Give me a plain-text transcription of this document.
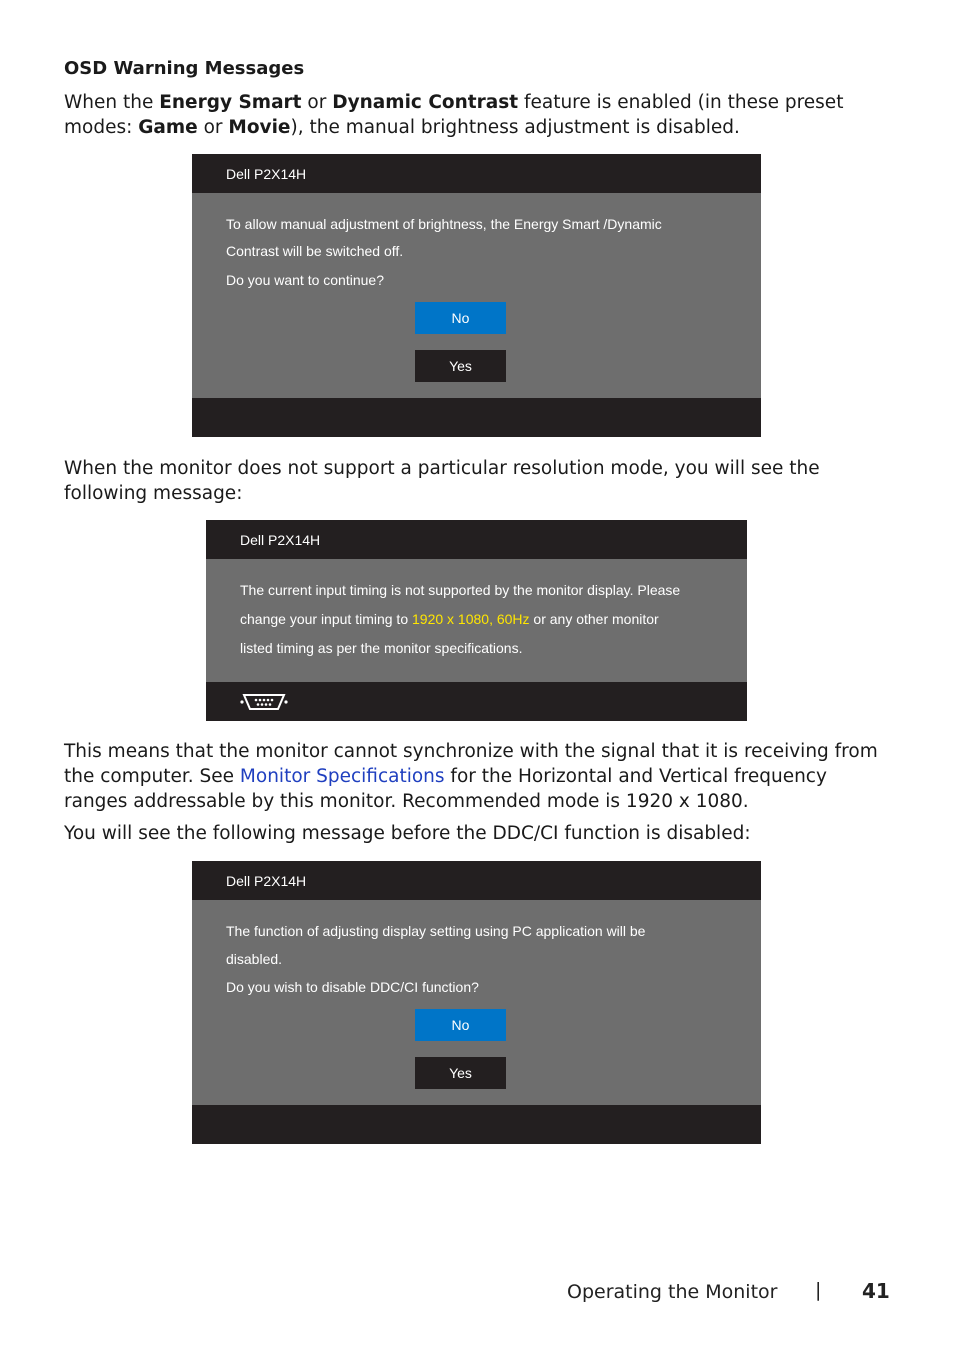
OSD Warning Messages
When the Energy Smart or Dynamic Contrast feature is enabled (in these preset modes: Game or Movie), the manual brightness adjustment is disabled.
Dell P2X14H
To allow manual adjustment of brightness, the Energy Smart /Dynamic
Contrast will be switched off.
Do you want to continue?
No
Yes
When the monitor does not support a particular resolution mode, you will see the following message:
Dell P2X14H
The current input timing is not supported by the monitor display. Please
change your input timing to 1920 x 1080, 60Hz or any other monitor
listed timing as per the monitor specifications.
This means that the monitor cannot synchronize with the signal that it is receiving from the computer. See Monitor Specifications for the Horizontal and Vertical frequency ranges addressable by this monitor. Recommended mode is 1920 x 1080.
You will see the following message before the DDC/CI function is disabled:
Dell P2X14H
The function of adjusting display setting using PC application will be
disabled.
Do you wish to disable DDC/CI function?
No
Yes
Operating the Monitor | 41
